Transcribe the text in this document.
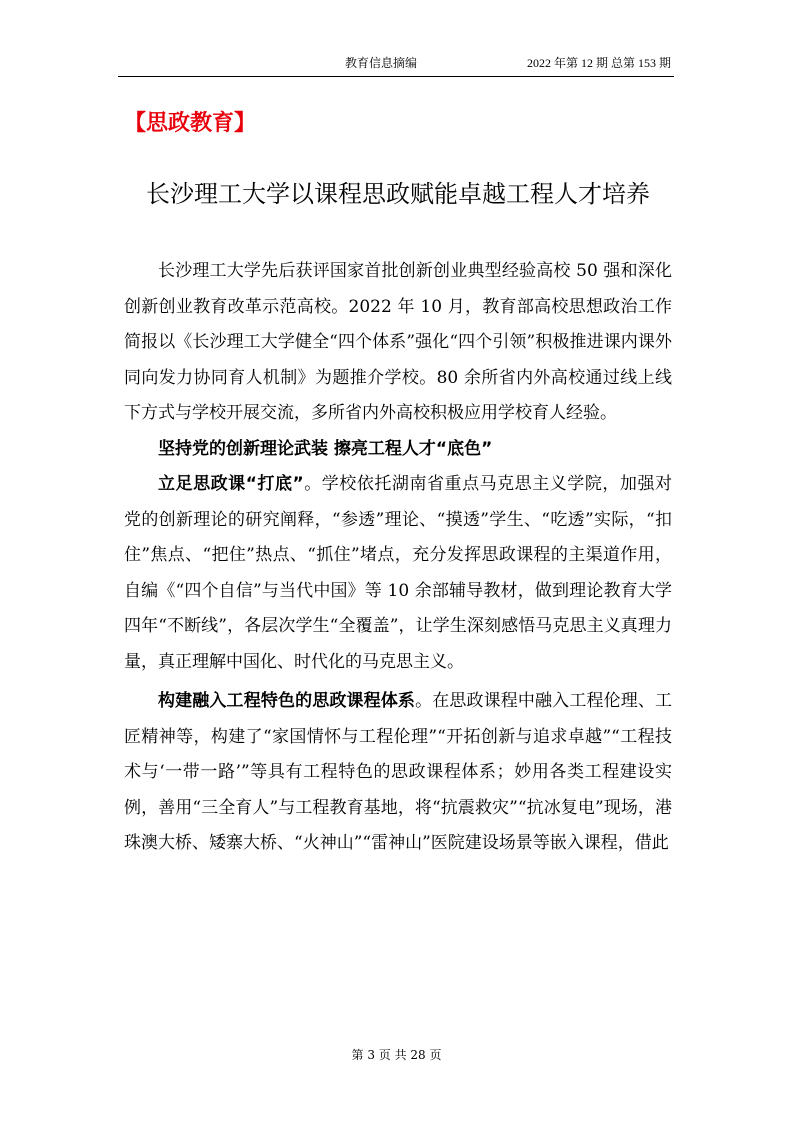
教育信息摘编	2022 年第 12 期 总第 153 期
【思政教育】
长沙理工大学以课程思政赋能卓越工程人才培养

长沙理工大学先后获评国家首批创新创业典型经验高校 50 强和深化创新创业教育改革示范高校。2022 年 10 月，教育部高校思想政治工作简报以《长沙理工大学健全“四个体系”强化“四个引领”积极推进课内课外同向发力协同育人机制》为题推介学校。80 余所省内外高校通过线上线下方式与学校开展交流，多所省内外高校积极应用学校育人经验。

坚持党的创新理论武装 擦亮工程人才“底色”

立足思政课“打底”。学校依托湖南省重点马克思主义学院，加强对党的创新理论的研究阐释，“参透”理论、“摸透”学生、“吃透”实际，“扣住”焦点、“把住”热点、“抓住”堵点，充分发挥思政课程的主渠道作用，自编《“四个自信”与当代中国》等 10 余部辅导教材，做到理论教育大学四年“不断线”，各层次学生“全覆盖”，让学生深刻感悟马克思主义真理力量，真正理解中国化、时代化的马克思主义。

构建融入工程特色的思政课程体系。在思政课程中融入工程伦理、工匠精神等，构建了“家国情怀与工程伦理”“开拓创新与追求卓越”“工程技术与‘一带一路’”等具有工程特色的思政课程体系；妙用各类工程建设实例，善用“三全育人”与工程教育基地，将“抗震救灾”“抗冰复电”现场，港珠澳大桥、矮寨大桥、“火神山”“雷神山”医院建设场景等嵌入课程，借此

第 3 页 共 28 页
